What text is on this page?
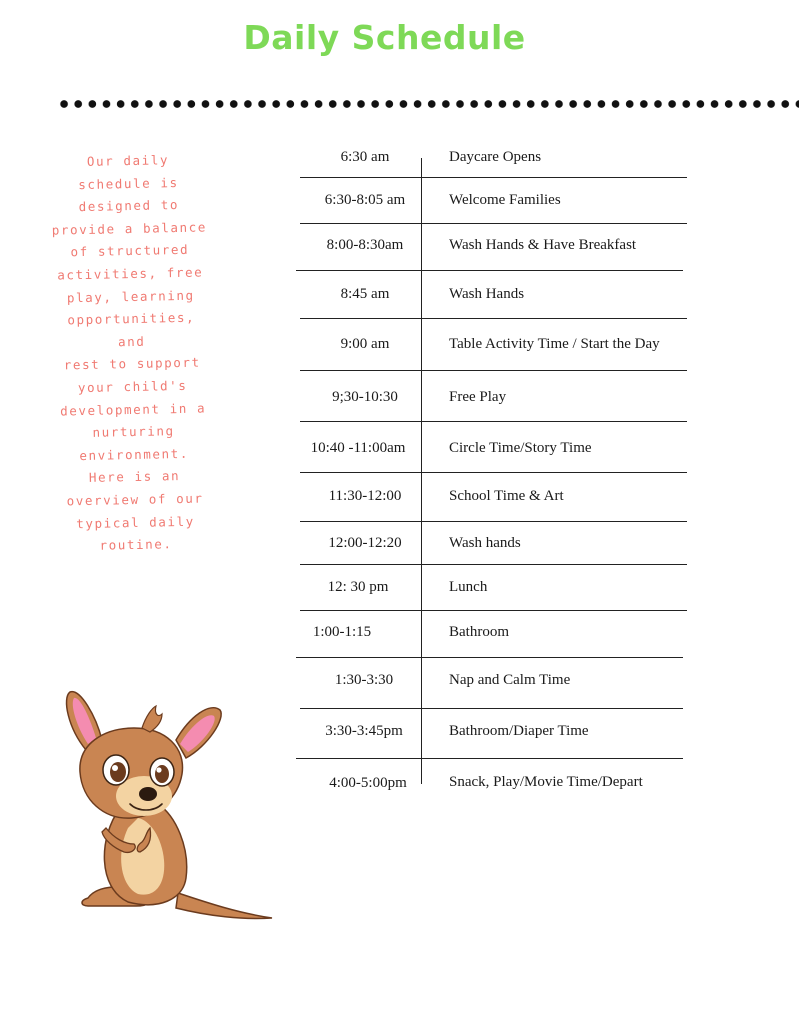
Daily Schedule
Our daily
schedule is
designed to
provide a balance
of structured
activities, free
play, learning
opportunities, and
rest to support
your child's
development in a
nurturing
environment.
Here is an
overview of our
typical daily
routine.
6:30 am	Daycare Opens
6:30-8:05 am	Welcome Families
8:00-8:30am	Wash Hands & Have Breakfast
8:45 am	Wash Hands
9:00 am	Table Activity Time / Start the Day
9;30-10:30	Free Play
10:40 -11:00am	Circle Time/Story Time
11:30-12:00	School Time & Art
12:00-12:20	Wash hands
12: 30 pm	Lunch
1:00-1:15	Bathroom
1:30-3:30	Nap and Calm Time
3:30-3:45pm	Bathroom/Diaper Time
4:00-5:00pm	Snack, Play/Movie Time/Depart
